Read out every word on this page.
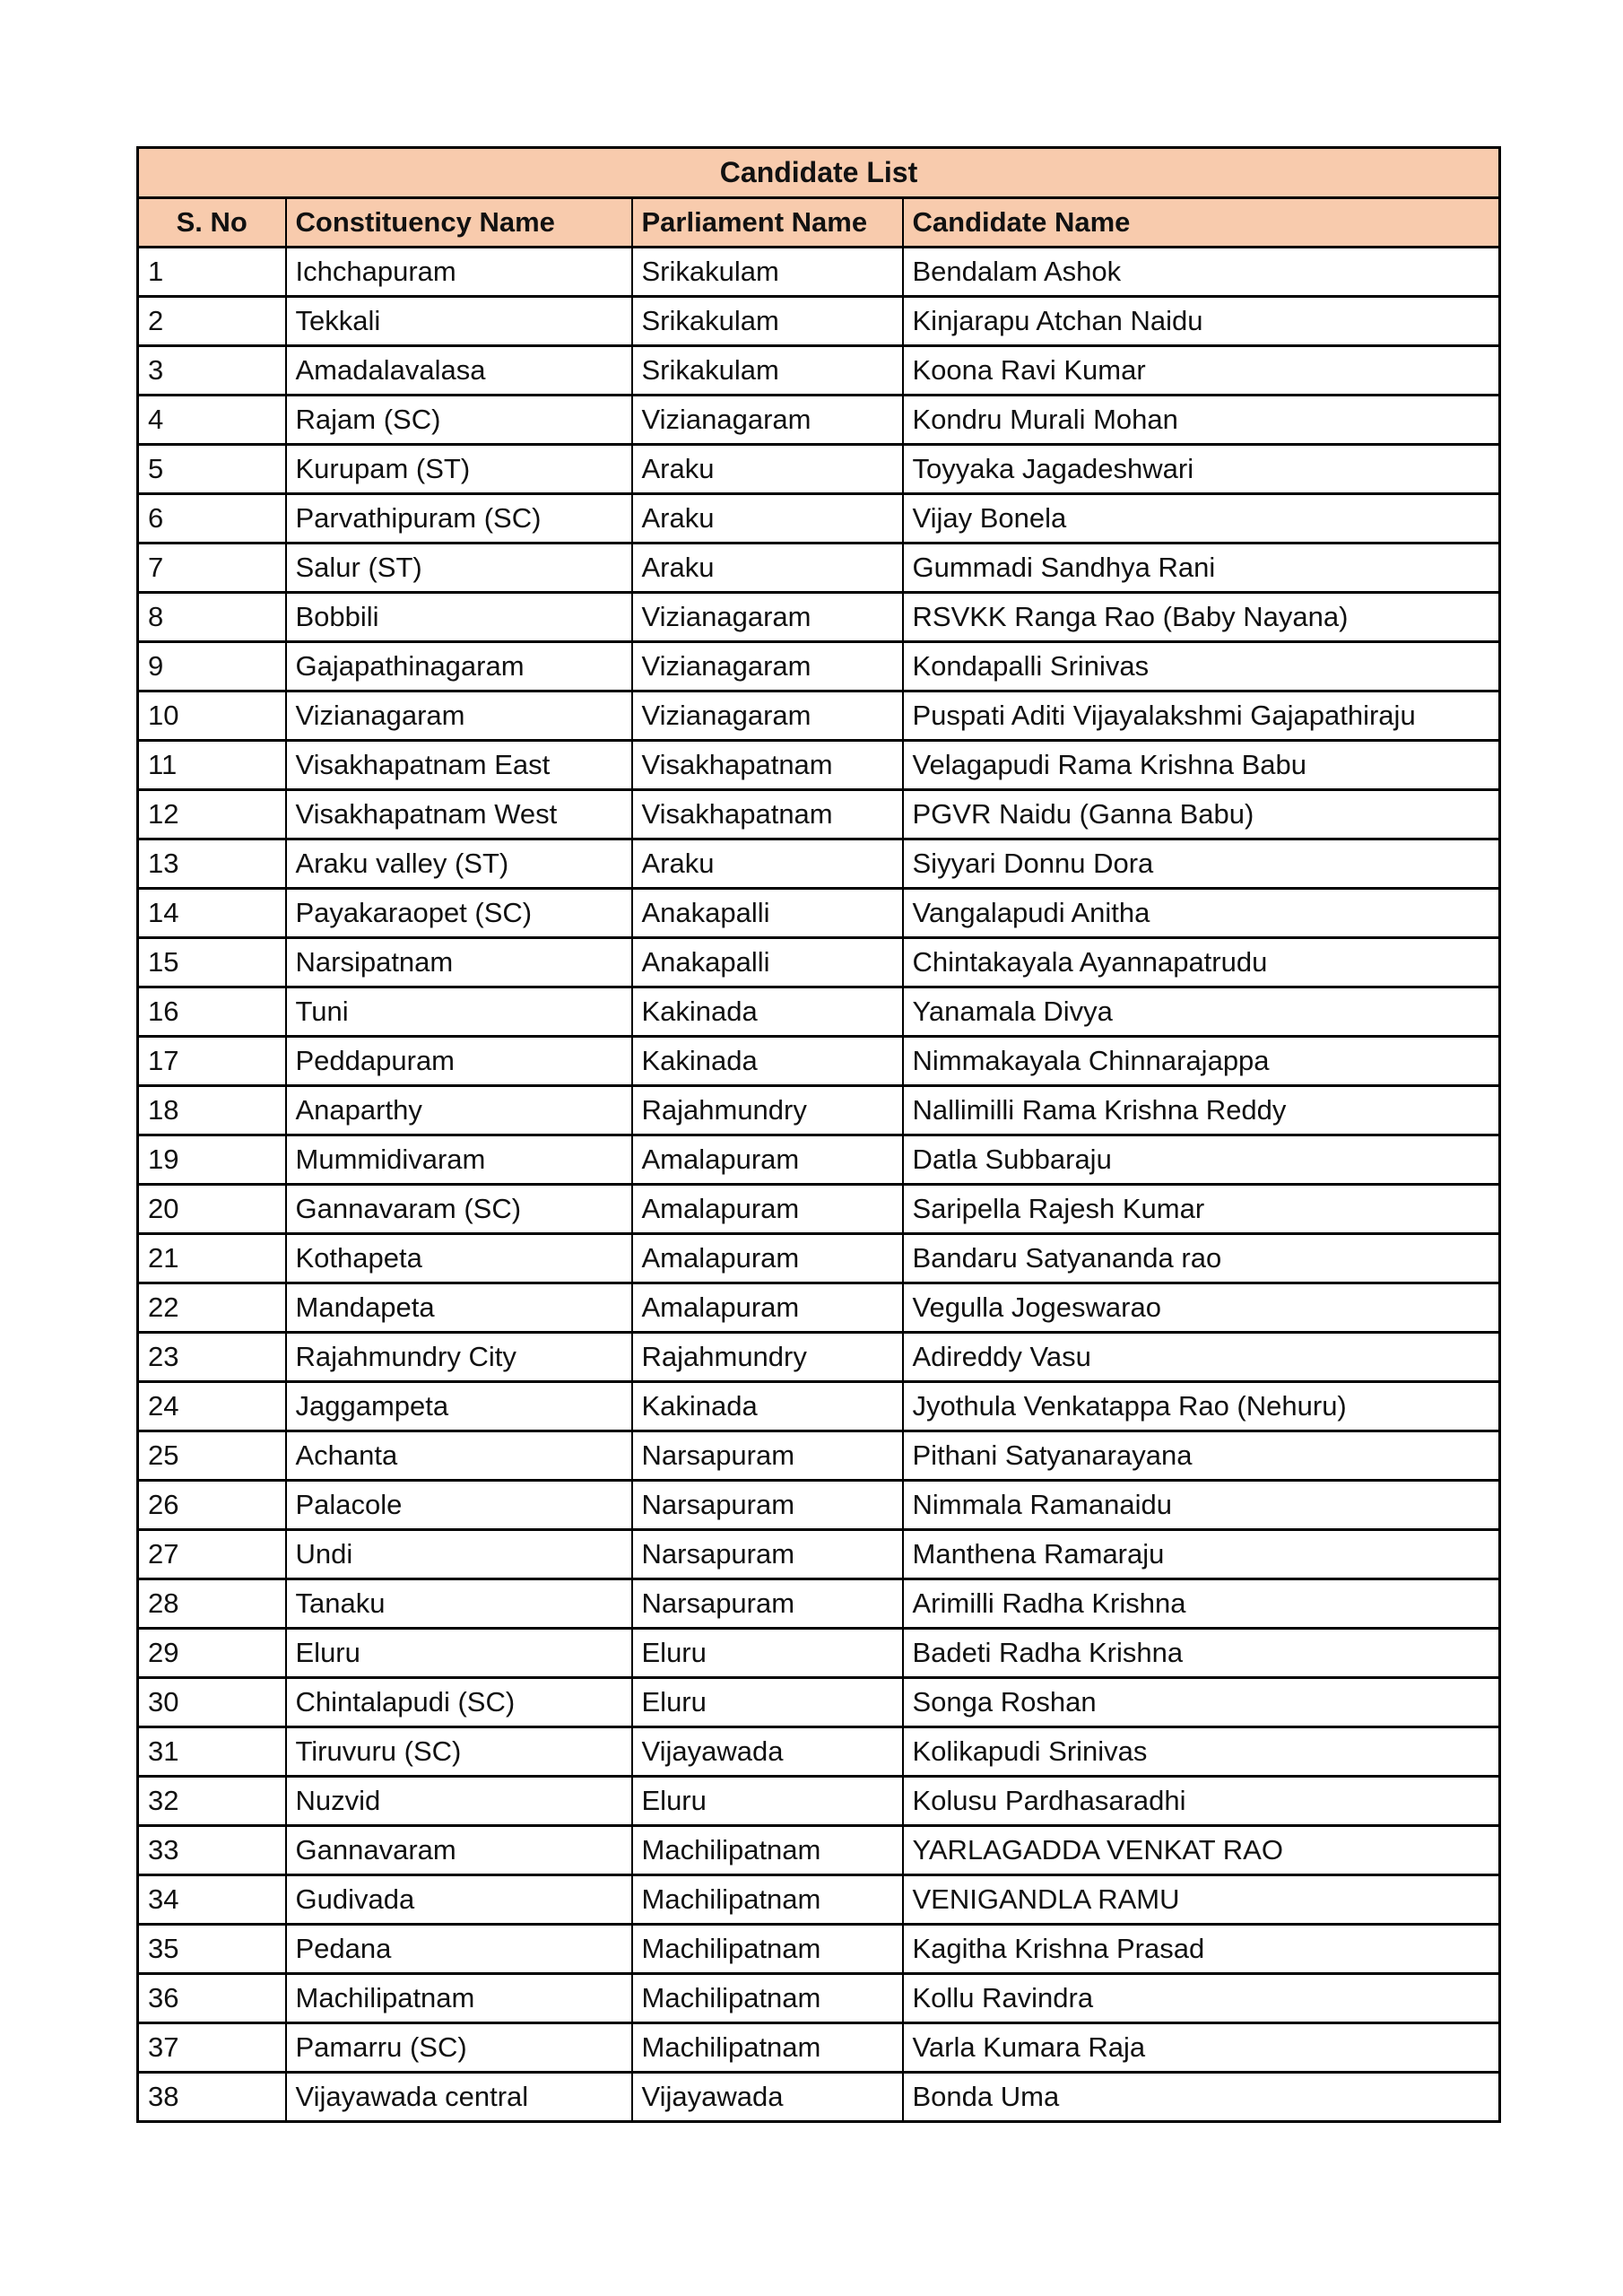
Candidate List			
S. No	Constituency Name	Parliament Name	Candidate Name
1	Ichchapuram	Srikakulam	Bendalam Ashok
2	Tekkali	Srikakulam	Kinjarapu Atchan Naidu
3	Amadalavalasa	Srikakulam	Koona Ravi Kumar
4	Rajam (SC)	Vizianagaram	Kondru Murali Mohan
5	Kurupam (ST)	Araku	Toyyaka Jagadeshwari
6	Parvathipuram (SC)	Araku	Vijay Bonela
7	Salur (ST)	Araku	Gummadi Sandhya Rani
8	Bobbili	Vizianagaram	RSVKK Ranga Rao (Baby Nayana)
9	Gajapathinagaram	Vizianagaram	Kondapalli Srinivas
10	Vizianagaram	Vizianagaram	Puspati Aditi Vijayalakshmi Gajapathiraju
11	Visakhapatnam East	Visakhapatnam	Velagapudi Rama Krishna Babu
12	Visakhapatnam West	Visakhapatnam	PGVR Naidu (Ganna Babu)
13	Araku valley (ST)	Araku	Siyyari Donnu Dora
14	Payakaraopet (SC)	Anakapalli	Vangalapudi Anitha
15	Narsipatnam	Anakapalli	Chintakayala Ayannapatrudu
16	Tuni	Kakinada	Yanamala Divya
17	Peddapuram	Kakinada	Nimmakayala Chinnarajappa
18	Anaparthy	Rajahmundry	Nallimilli Rama Krishna Reddy
19	Mummidivaram	Amalapuram	Datla Subbaraju
20	Gannavaram (SC)	Amalapuram	Saripella Rajesh Kumar
21	Kothapeta	Amalapuram	Bandaru Satyananda rao
22	Mandapeta	Amalapuram	Vegulla Jogeswarao
23	Rajahmundry City	Rajahmundry	Adireddy Vasu
24	Jaggampeta	Kakinada	Jyothula Venkatappa Rao (Nehuru)
25	Achanta	Narsapuram	Pithani Satyanarayana
26	Palacole	Narsapuram	Nimmala Ramanaidu
27	Undi	Narsapuram	Manthena Ramaraju
28	Tanaku	Narsapuram	Arimilli Radha Krishna
29	Eluru	Eluru	Badeti Radha Krishna
30	Chintalapudi (SC)	Eluru	Songa Roshan
31	Tiruvuru (SC)	Vijayawada	Kolikapudi Srinivas
32	Nuzvid	Eluru	Kolusu Pardhasaradhi
33	Gannavaram	Machilipatnam	YARLAGADDA VENKAT RAO
34	Gudivada	Machilipatnam	VENIGANDLA RAMU
35	Pedana	Machilipatnam	Kagitha Krishna Prasad
36	Machilipatnam	Machilipatnam	Kollu Ravindra
37	Pamarru (SC)	Machilipatnam	Varla Kumara Raja
38	Vijayawada central	Vijayawada	Bonda Uma
